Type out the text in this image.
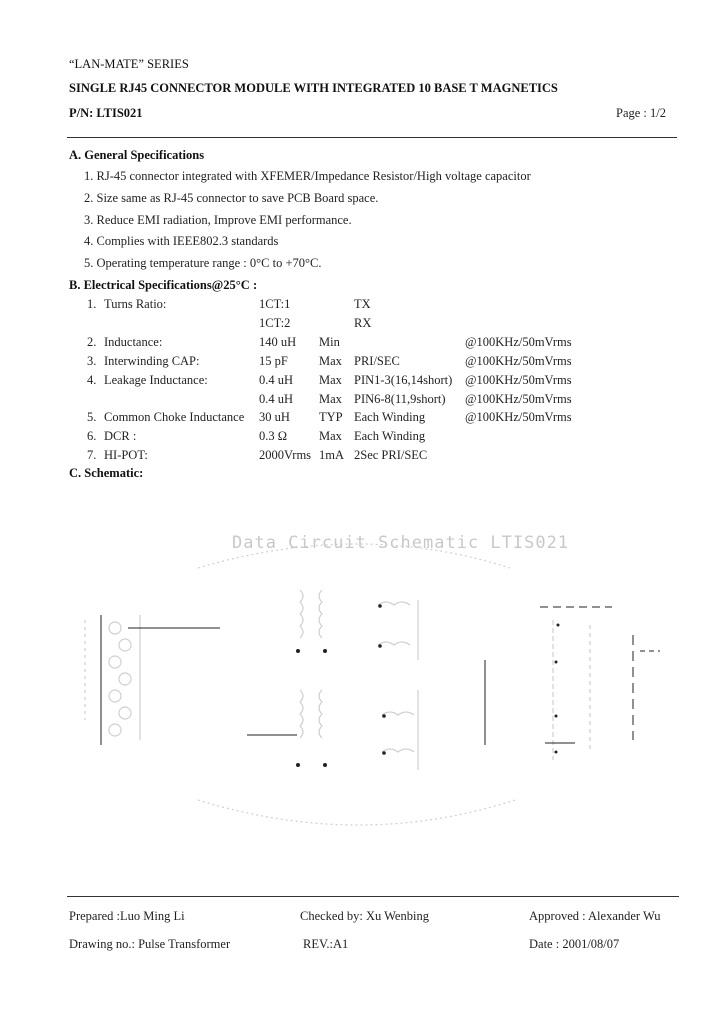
“LAN-MATE” SERIES
SINGLE RJ45 CONNECTOR MODULE WITH INTEGRATED 10 BASE T MAGNETICS
P/N: LTIS021	Page : 1/2
A. General Specifications
1. RJ-45 connector integrated with XFEMER/Impedance Resistor/High voltage capacitor
2. Size same as RJ-45 connector to save PCB Board space.
3. Reduce EMI radiation, Improve EMI performance.
4. Complies with IEEE802.3 standards
5. Operating temperature range : 0°C to +70°C.
B. Electrical Specifications@25°C :
1. Turns Ratio:	1CT:1	TX
1CT:2	RX
2. Inductance:	140 uH Min	@100KHz/50mVrms
3. Interwinding CAP:	15 pF Max PRI/SEC	@100KHz/50mVrms
4. Leakage Inductance:	0.4 uH Max PIN1-3(16,14short) @100KHz/50mVrms
0.4 uH Max PIN6-8(11,9short) @100KHz/50mVrms
5. Common Choke Inductance 30 uH TYP Each Winding	@100KHz/50mVrms
6. DCR :	0.3 Ω	Max Each Winding
7. HI-POT:	2000Vrms 1mA 2Sec PRI/SEC
C. Schematic:
Data Circuit Schematic LTIS021
Prepared :Luo Ming Li	Checked by: Xu Wenbing	Approved : Alexander Wu
Drawing no.: Pulse Transformer	REV.:A1	Date : 2001/08/07
